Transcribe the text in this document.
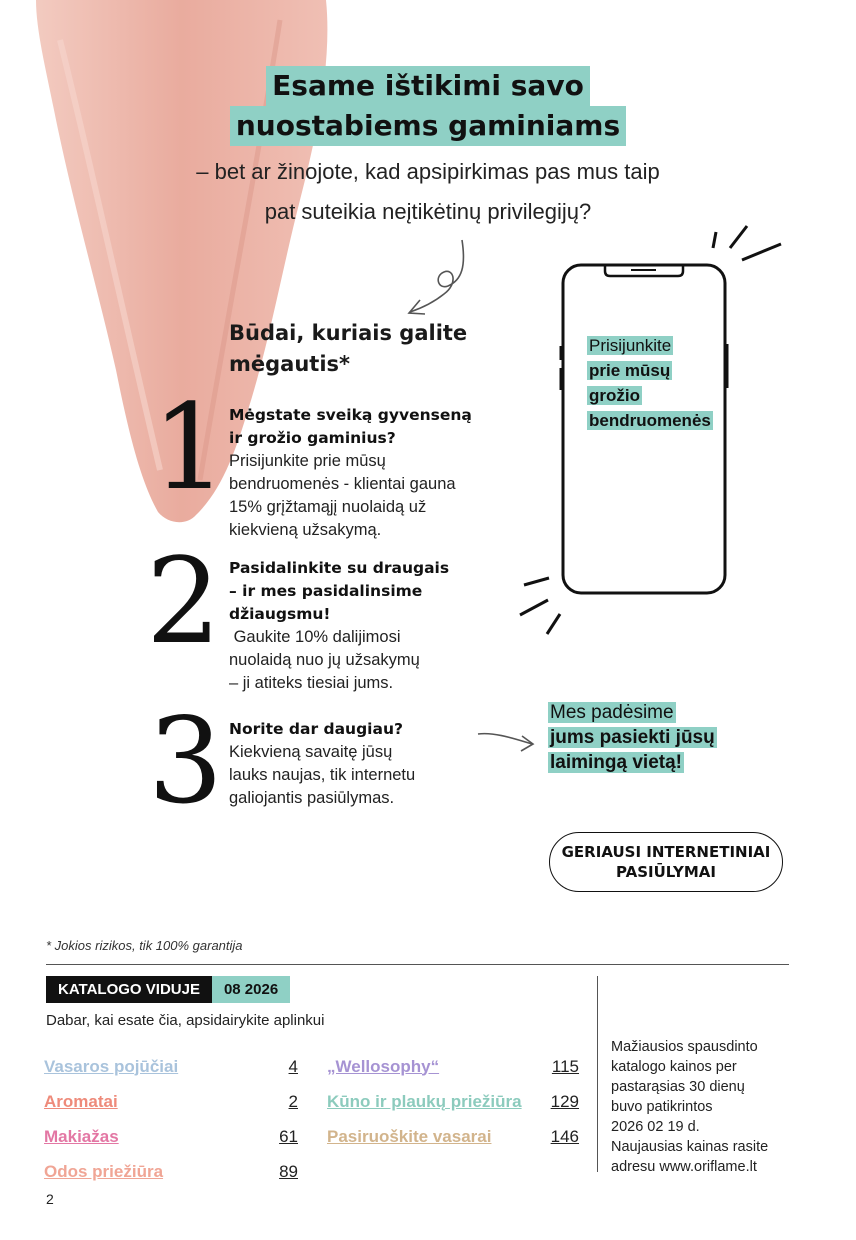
Esame ištikimi savo
nuostabiems gaminiams
– bet ar žinojote, kad apsipirkimas pas mus taip
pat suteikia neįtikėtinų privilegijų?
Būdai, kuriais galite
mėgautis*
1 Mėgstate sveiką gyvenseną
ir grožio gaminius?
Prisijunkite prie mūsų
bendruomenės - klientai gauna
15% grįžtamąjį nuolaidą už
kiekvieną užsakymą.
2 Pasidalinkite su draugais
– ir mes pasidalinsime
džiaugsmu!
Gaukite 10% dalijimosi
nuolaidą nuo jų užsakymų
– ji atiteks tiesiai jums.
3 Norite dar daugiau?
Kiekvieną savaitę jūsų
lauks naujas, tik internetu
galiojantis pasiūlymas.
Prisijunkite
prie mūsų
grožio
bendruomenės
Mes padėsime
jums pasiekti jūsų
laimingą vietą!
GERIAUSI INTERNETINIAI
PASIŪLYMAI
* Jokios rizikos, tik 100% garantija
KATALOGO VIDUJE	08 2026
Dabar, kai esate čia, apsidairykite aplinkui
Vasaros pojūčiai	4
Aromatai	2
Makiažas	61
Odos priežiūra	89
„Wellosophy“	115
Kūno ir plaukų priežiūra	129
Pasiruoškite vasarai	146
Mažiausios spausdinto
katalogo kainos per
pastarąsias 30 dienų
buvo patikrintos
2026 02 19 d.
Naujausias kainas rasite
adresu www.oriflame.lt
2
